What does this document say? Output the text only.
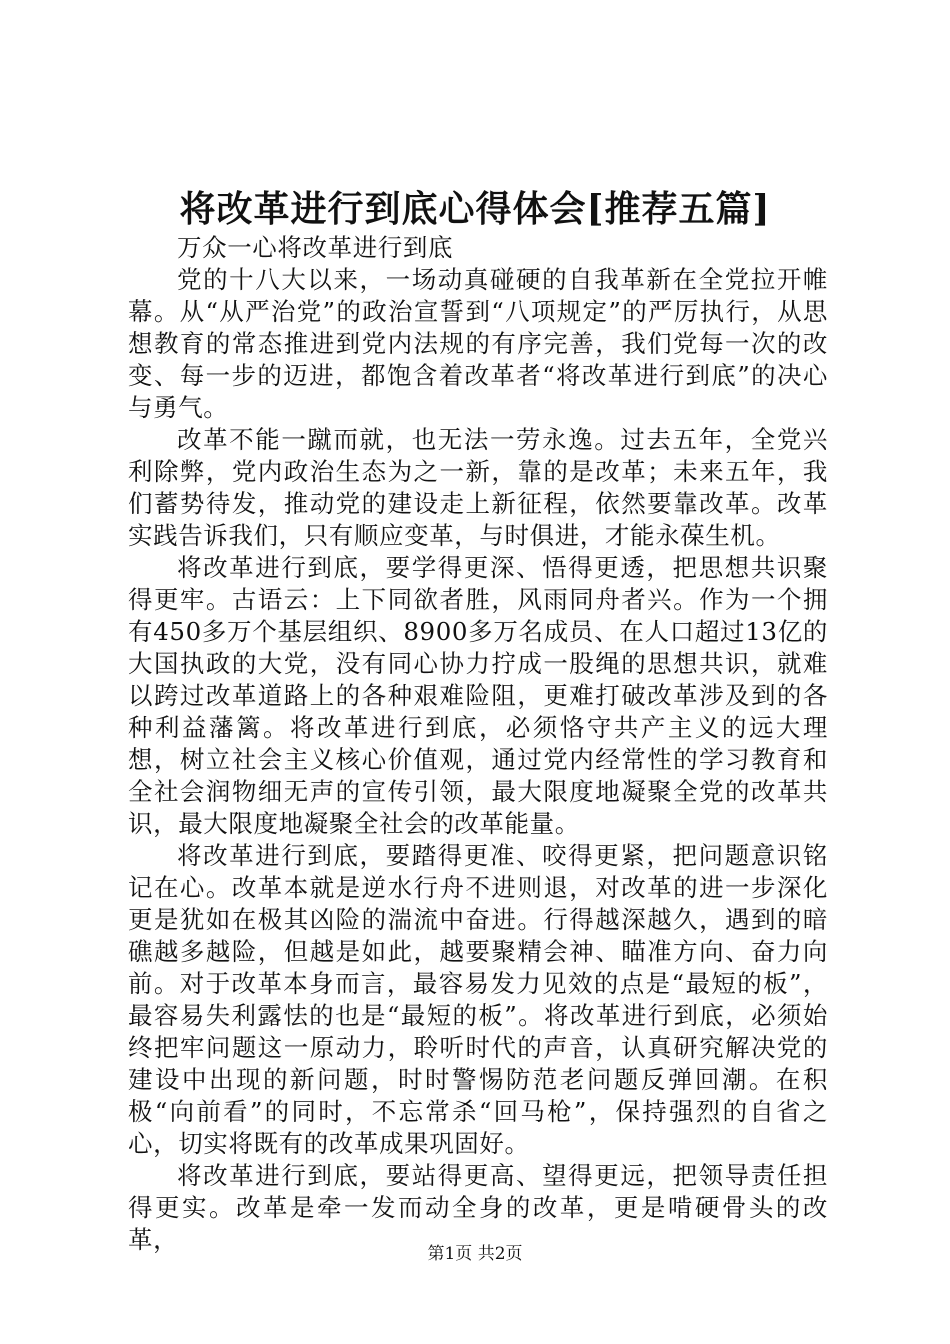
将改革进行到底心得体会[推荐五篇]

万众一心将改革进行到底

党的十八大以来，一场动真碰硬的自我革新在全党拉开帷幕。从“从严治党”的政治宣誓到“八项规定”的严厉执行，从思想教育的常态推进到党内法规的有序完善，我们党每一次的改变、每一步的迈进，都饱含着改革者“将改革进行到底”的决心与勇气。

改革不能一蹴而就，也无法一劳永逸。过去五年，全党兴利除弊，党内政治生态为之一新，靠的是改革；未来五年，我们蓄势待发，推动党的建设走上新征程，依然要靠改革。改革实践告诉我们，只有顺应变革，与时俱进，才能永葆生机。

将改革进行到底，要学得更深、悟得更透，把思想共识聚得更牢。古语云：上下同欲者胜，风雨同舟者兴。作为一个拥有450多万个基层组织、8900多万名成员、在人口超过13亿的大国执政的大党，没有同心协力拧成一股绳的思想共识，就难以跨过改革道路上的各种艰难险阻，更难打破改革涉及到的各种利益藩篱。将改革进行到底，必须恪守共产主义的远大理想，树立社会主义核心价值观，通过党内经常性的学习教育和全社会润物细无声的宣传引领，最大限度地凝聚全党的改革共识，最大限度地凝聚全社会的改革能量。

将改革进行到底，要踏得更准、咬得更紧，把问题意识铭记在心。改革本就是逆水行舟不进则退，对改革的进一步深化更是犹如在极其凶险的湍流中奋进。行得越深越久，遇到的暗礁越多越险，但越是如此，越要聚精会神、瞄准方向、奋力向前。对于改革本身而言，最容易发力见效的点是“最短的板”，最容易失利露怯的也是“最短的板”。将改革进行到底，必须始终把牢问题这一原动力，聆听时代的声音，认真研究解决党的建设中出现的新问题，时时警惕防范老问题反弹回潮。在积极“向前看”的同时，不忘常杀“回马枪”，保持强烈的自省之心，切实将既有的改革成果巩固好。

将改革进行到底，要站得更高、望得更远，把领导责任担得更实。改革是牵一发而动全身的改革，更是啃硬骨头的改革，	第1页 共2页
